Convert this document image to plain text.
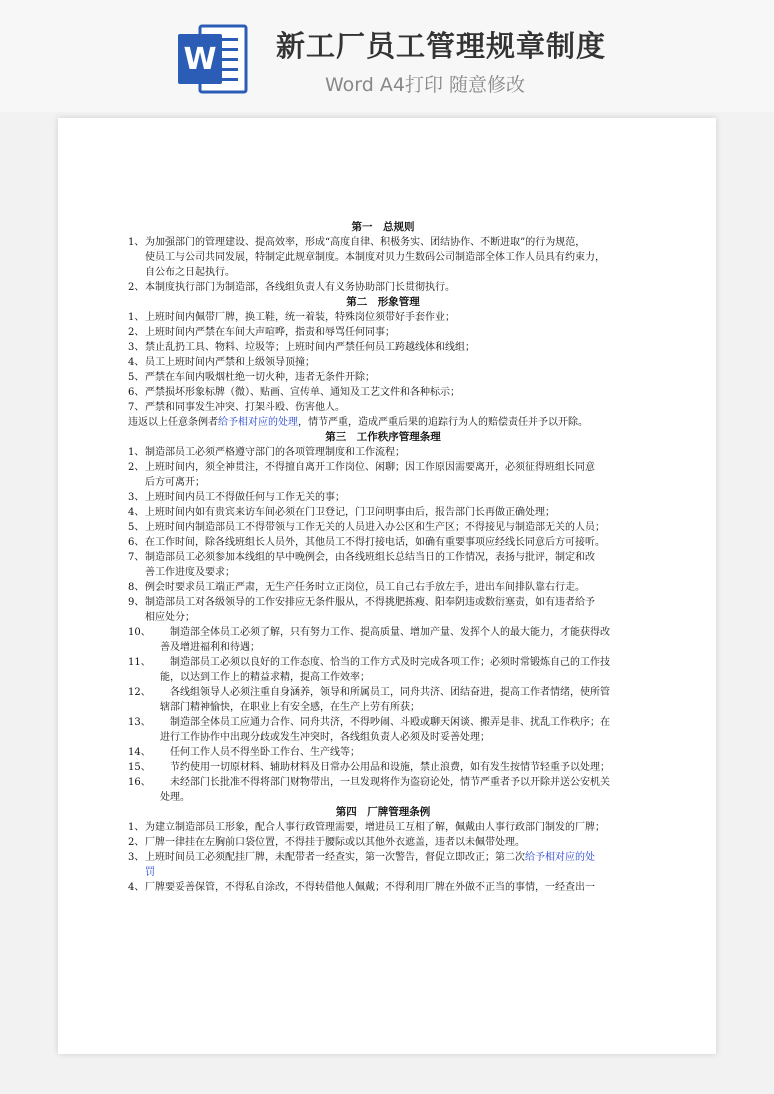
W 新工厂员工管理规章制度
Word A4打印 随意修改

第一　总规则

1、为加强部门的管理建设、提高效率，形成“高度自律、积极务实、团结协作、不断进取”的行为规范，
使员工与公司共同发展，特制定此规章制度。本制度对贝力生数码公司制造部全体工作人员具有约束力，
自公布之日起执行。

2、本制度执行部门为制造部，各线组负责人有义务协助部门长贯彻执行。

第二　形象管理

1、上班时间内佩带厂牌，换工鞋，统一着装，特殊岗位须带好手套作业；

2、上班时间内严禁在车间大声喧哗，指责和辱骂任何同事；

3、禁止乱扔工具、物料、垃圾等；上班时间内严禁任何员工跨越线体和线组；

4、员工上班时间内严禁和上级领导顶撞；

5、严禁在车间内吸烟杜绝一切火种，违者无条件开除；

6、严禁损坏形象标牌（微）、贴画、宣传单、通知及工艺文件和各种标示；

7、严禁和同事发生冲突、打架斗殴、伤害他人。

违返以上任意条例者给予相对应的处理，情节严重，造成严重后果的追踪行为人的赔偿责任并予以开除。

第三　工作秩序管理条理

1、制造部员工必须严格遵守部门的各项管理制度和工作流程；

2、上班时间内，须全神贯注，不得擅自离开工作岗位、闲聊；因工作原因需要离开，必须征得班组长同意
后方可离开；

3、上班时间内员工不得做任何与工作无关的事；

4、上班时间内如有贵宾来访车间必须在门卫登记，门卫问明事由后，报告部门长再做正确处理；

5、上班时间内制造部员工不得带领与工作无关的人员进入办公区和生产区；不得接见与制造部无关的人员；

6、在工作时间，除各线班组长人员外，其他员工不得打接电话，如确有重要事项应经线长同意后方可接听。

7、制造部员工必须参加本线组的早中晚例会，由各线班组长总结当日的工作情况，表扬与批评，制定和改
善工作进度及要求；

8、例会时要求员工端正严肃，无生产任务时立正岗位，员工自己右手放左手，进出车间排队靠右行走。

9、制造部员工对各级领导的工作安排应无条件服从，不得挑肥拣瘦、阳奉阴违或数衍塞责，如有违者给予
相应处分；

10、　制造部全体员工必须了解，只有努力工作、提高质量、增加产量、发挥个人的最大能力，才能获得改
善及增进福利和待遇；

11、　制造部员工必须以良好的工作态度、恰当的工作方式及时完成各项工作；必须时常锻炼自己的工作技
能，以达到工作上的精益求精，提高工作效率；

12、　各线组领导人必须注重自身涵养，领导和所属员工，同舟共济、团结奋进，提高工作者情绪，使所管
辖部门精神愉快，在职业上有安全感，在生产上劳有所获；

13、　制造部全体员工应通力合作、同舟共济，不得吵闹、斗殴或聊天闲谈、搬弄是非、扰乱工作秩序；在
进行工作协作中出现分歧或发生冲突时，各线组负责人必须及时妥善处理；

14、　任何工作人员不得坐卧工作台、生产线等；

15、　节约使用一切原材料、辅助材料及日常办公用品和设施，禁止浪费，如有发生按情节轻重予以处理；

16、　未经部门长批准不得将部门财物带出，一旦发现将作为盗窃论处，情节严重者予以开除并送公安机关
处理。

第四　厂牌管理条例

1、为建立制造部员工形象，配合人事行政管理需要，增进员工互相了解，佩戴由人事行政部门制发的厂牌；

2、厂牌一律挂在左胸前口袋位置，不得挂于腰际或以其他外衣遮盖，违者以未佩带处理。

3、上班时间员工必须配挂厂牌，未配带者一经查实，第一次警告，督促立即改正；第二次给予相对应的处
罚

4、厂牌要妥善保管，不得私自涂改，不得转借他人佩戴；不得利用厂牌在外做不正当的事情，一经查出一
